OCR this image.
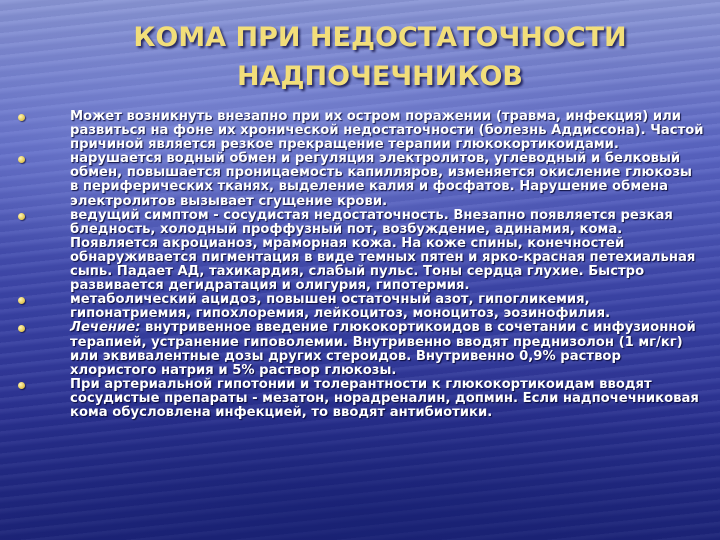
КОМА ПРИ НЕДОСТАТОЧНОСТИ
НАДПОЧЕЧНИКОВ
Может возникнуть внезапно при их остром поражении (травма, инфекция) или развиться на фоне их хронической недостаточности (болезнь Аддиссона). Частой причиной является резкое прекращение терапии глюкокортикоидами.
нарушается водный обмен и регуляция электролитов, углеводный и белковый обмен, повышается проницаемость капилляров, изменяется окисление глюкозы в периферических тканях, выделение калия и фосфатов. Нарушение обмена электролитов вызывает сгущение крови.
ведущий симптом - сосудистая недостаточность. Внезапно появляется резкая бледность, холодный проффузный пот, возбуждение, адинамия, кома. Появляется акроцианоз, мраморная кожа. На коже спины, конечностей обнаруживается пигментация в виде темных пятен и ярко-красная петехиальная сыпь. Падает АД, тахикардия, слабый пульс. Тоны сердца глухие. Быстро развивается дегидратация и олигурия, гипотермия.
метаболический ацидоз, повышен остаточный азот, гипогликемия, гипонатриемия, гипохлоремия, лейкоцитоз, моноцитоз, эозинофилия.
Лечение: внутривенное введение глюкокортикоидов в сочетании с инфузионной терапией, устранение гиповолемии. Внутривенно вводят преднизолон (1 мг/кг) или эквивалентные дозы других стероидов. Внутривенно 0,9% раствор хлористого натрия и 5% раствор глюкозы.
При артериальной гипотонии и толерантности к глюкокортикоидам вводят сосудистые препараты - мезатон, норадреналин, допмин. Если надпочечниковая кома обусловлена инфекцией, то вводят антибиотики.
